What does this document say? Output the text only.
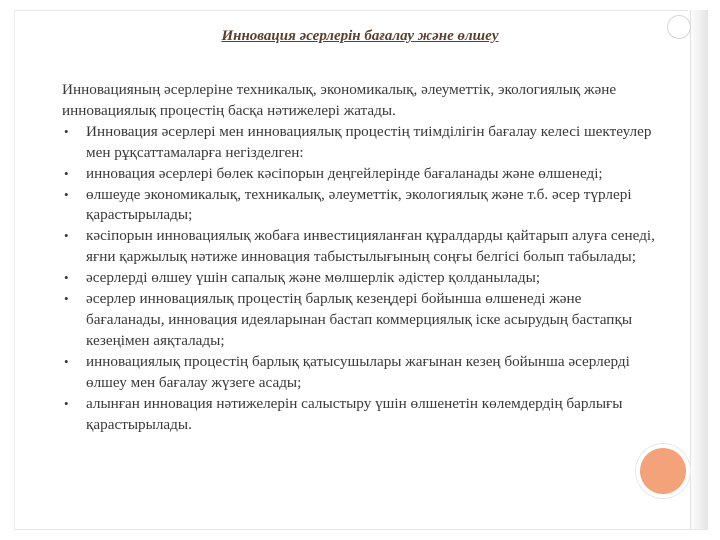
Инновация әсерлерін бағалау және өлшеу

Инновацияның әсерлеріне техникалық, экономикалық, әлеуметтік, экологиялық және инновациялық процестің басқа нәтижелері жатады.

• Инновация әсерлері мен инновациялық процестің тиімділігін бағалау келесі шектеулер мен рұқсаттамаларға негізделген:
• инновация әсерлері бөлек кәсіпорын деңгейлерінде бағаланады және өлшенеді;
• өлшеуде экономикалық, техникалық, әлеуметтік, экологиялық және т.б. әсер түрлері қарастырылады;
• кәсіпорын инновациялық жобаға инвестицияланған құралдарды қайтарып алуға сенеді, яғни қаржылық нәтиже инновация табыстылығының соңғы белгісі болып табылады;
• әсерлерді өлшеу үшін сапалық және мөлшерлік әдістер қолданылады;
• әсерлер инновациялық процестің барлық кезеңдері бойынша өлшенеді және бағаланады, инновация идеяларынан бастап коммерциялық іске асырудың бастапқы кезеңімен аяқталады;
• инновациялық процестің барлық қатысушылары жағынан кезең бойынша әсерлерді өлшеу мен бағалау жүзеге асады;
• алынған инновация нәтижелерін салыстыру үшін өлшенетін көлемдердің барлығы қарастырылады.
